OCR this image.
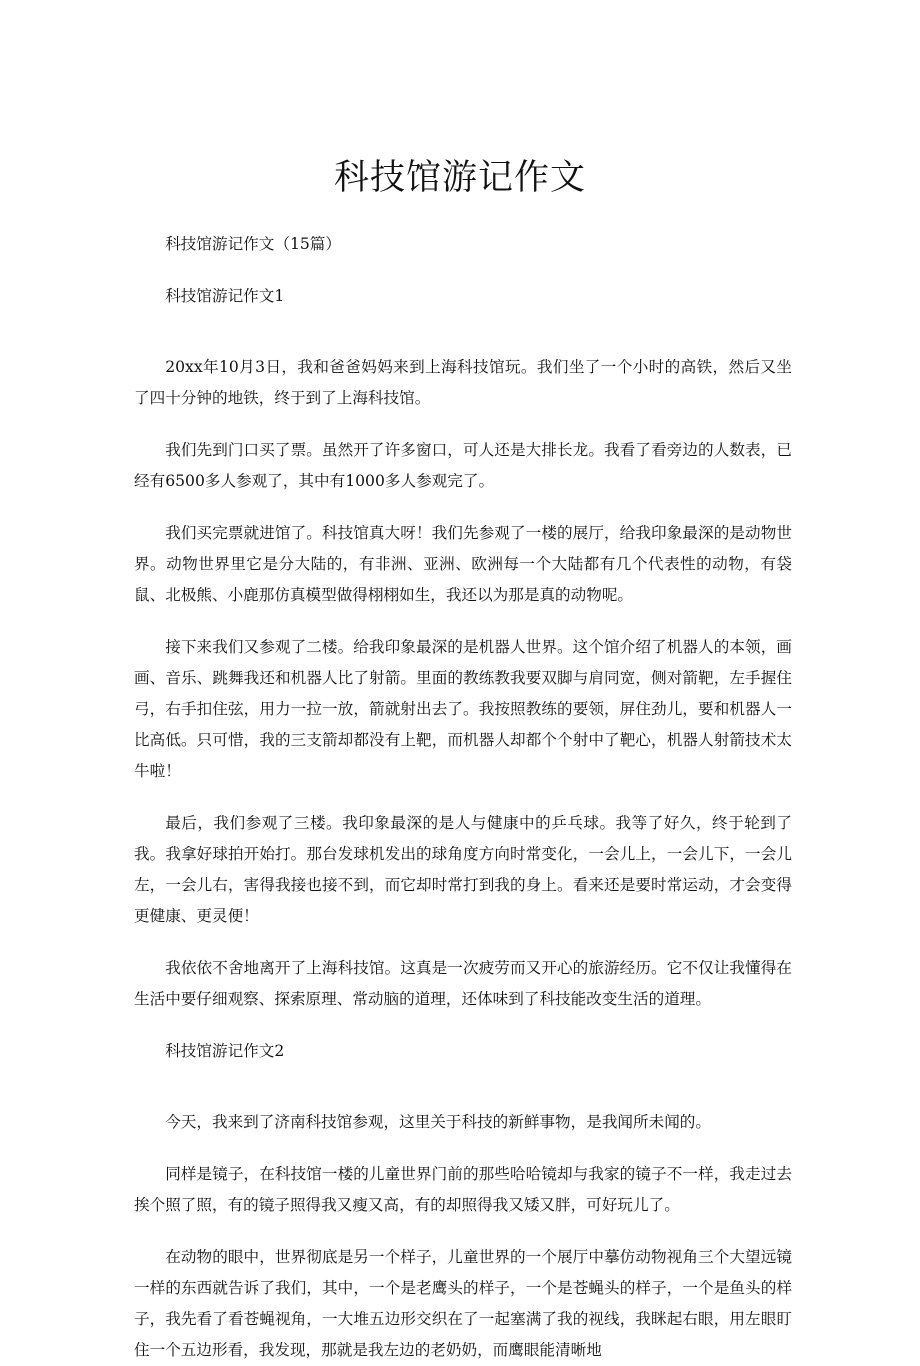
科技馆游记作文

科技馆游记作文（15篇）

科技馆游记作文1

20xx年10月3日，我和爸爸妈妈来到上海科技馆玩。我们坐了一个小时的高铁，然后又坐了四十分钟的地铁，终于到了上海科技馆。

我们先到门口买了票。虽然开了许多窗口，可人还是大排长龙。我看了看旁边的人数表，已经有6500多人参观了，其中有1000多人参观完了。

我们买完票就进馆了。科技馆真大呀！我们先参观了一楼的展厅，给我印象最深的是动物世界。动物世界里它是分大陆的，有非洲、亚洲、欧洲每一个大陆都有几个代表性的动物，有袋鼠、北极熊、小鹿那仿真模型做得栩栩如生，我还以为那是真的动物呢。

接下来我们又参观了二楼。给我印象最深的是机器人世界。这个馆介绍了机器人的本领，画画、音乐、跳舞我还和机器人比了射箭。里面的教练教我要双脚与肩同宽，侧对箭靶，左手握住弓，右手扣住弦，用力一拉一放，箭就射出去了。我按照教练的要领，屏住劲儿，要和机器人一比高低。只可惜，我的三支箭却都没有上靶，而机器人却都个个射中了靶心，机器人射箭技术太牛啦！

最后，我们参观了三楼。我印象最深的是人与健康中的乒乓球。我等了好久，终于轮到了我。我拿好球拍开始打。那台发球机发出的球角度方向时常变化，一会儿上，一会儿下，一会儿左，一会儿右，害得我接也接不到，而它却时常打到我的身上。看来还是要时常运动，才会变得更健康、更灵便！

我依依不舍地离开了上海科技馆。这真是一次疲劳而又开心的旅游经历。它不仅让我懂得在生活中要仔细观察、探索原理、常动脑的道理，还体味到了科技能改变生活的道理。

科技馆游记作文2

今天，我来到了济南科技馆参观，这里关于科技的新鲜事物，是我闻所未闻的。

同样是镜子，在科技馆一楼的儿童世界门前的那些哈哈镜却与我家的镜子不一样，我走过去挨个照了照，有的镜子照得我又瘦又高，有的却照得我又矮又胖，可好玩儿了。

在动物的眼中，世界彻底是另一个样子，儿童世界的一个展厅中摹仿动物视角三个大望远镜一样的东西就告诉了我们，其中，一个是老鹰头的样子，一个是苍蝇头的样子，一个是鱼头的样子，我先看了看苍蝇视角，一大堆五边形交织在了一起塞满了我的视线，我眯起右眼，用左眼盯住一个五边形看，我发现，那就是我左边的老奶奶，而鹰眼能清晰地
